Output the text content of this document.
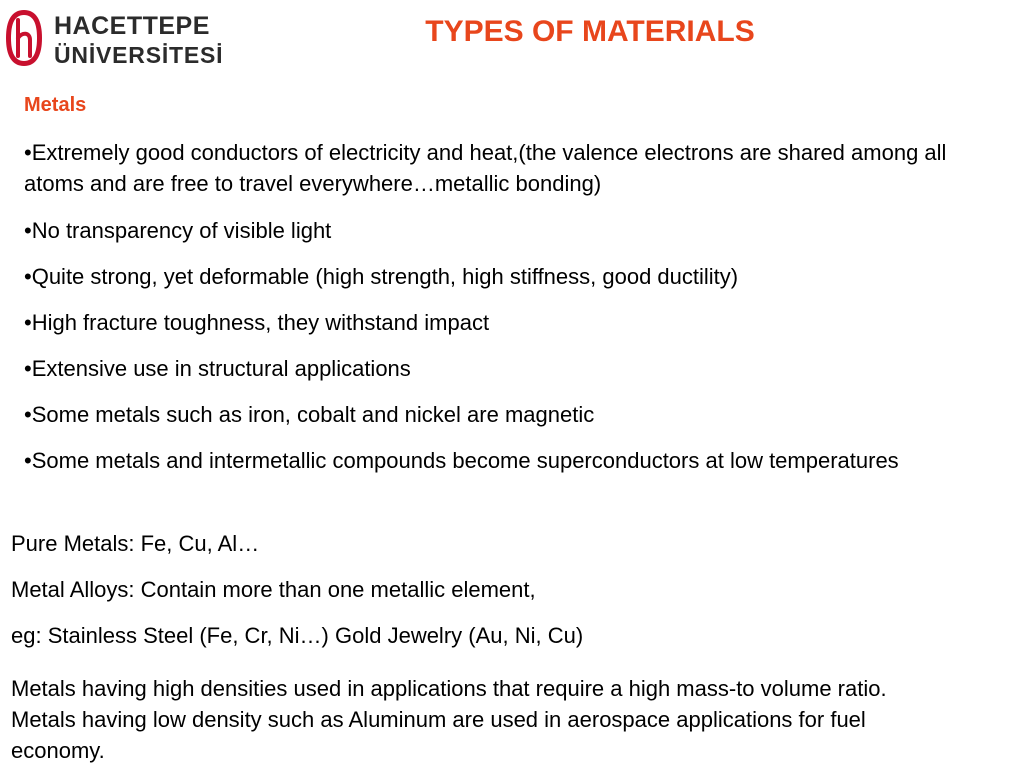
HACETTEPE
ÜNİVERSİTESİ
TYPES OF MATERIALS
Metals
•Extremely good conductors of electricity and heat,(the valence electrons are shared among all atoms and are free to travel everywhere…metallic bonding)
•No transparency of visible light
•Quite strong, yet deformable (high strength, high stiffness, good ductility)
•High fracture toughness, they withstand impact
•Extensive use in structural applications
•Some metals such as iron, cobalt and nickel are magnetic
•Some metals and intermetallic compounds become superconductors at low temperatures

Pure Metals: Fe, Cu, Al…

Metal Alloys: Contain more than one metallic element,

eg: Stainless Steel (Fe, Cr, Ni…) Gold Jewelry (Au, Ni, Cu)

Metals having high densities used in applications that require a high mass-to volume ratio. Metals having low density such as Aluminum are used in aerospace applications for fuel economy.
